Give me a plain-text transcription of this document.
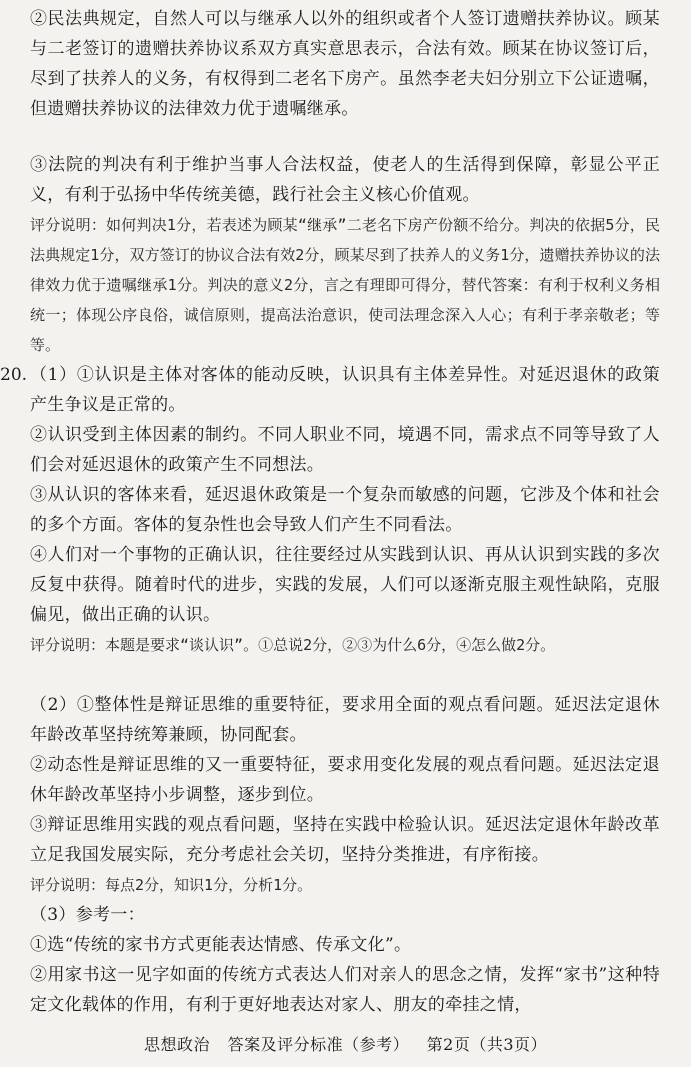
②民法典规定，自然人可以与继承人以外的组织或者个人签订遗赠扶养协议。顾某与二老签订的遗赠扶养协议系双方真实意思表示，合法有效。顾某在协议签订后，尽到了扶养人的义务，有权得到二老名下房产。虽然李老夫妇分别立下公证遗嘱，但遗赠扶养协议的法律效力优于遗嘱继承。

③法院的判决有利于维护当事人合法权益，使老人的生活得到保障，彰显公平正义，有利于弘扬中华传统美德，践行社会主义核心价值观。

评分说明：如何判决1分，若表述为顾某“继承”二老名下房产份额不给分。判决的依据5分，民法典规定1分，双方签订的协议合法有效2分，顾某尽到了扶养人的义务1分，遗赠扶养协议的法律效力优于遗嘱继承1分。判决的意义2分，言之有理即可得分，替代答案：有利于权利义务相统一；体现公序良俗，诚信原则，提高法治意识，使司法理念深入人心；有利于孝亲敬老；等等。

20. （1）①认识是主体对客体的能动反映，认识具有主体差异性。对延迟退休的政策产生争议是正常的。

②认识受到主体因素的制约。不同人职业不同，境遇不同，需求点不同等导致了人们会对延迟退休的政策产生不同想法。

③从认识的客体来看，延迟退休政策是一个复杂而敏感的问题，它涉及个体和社会的多个方面。客体的复杂性也会导致人们产生不同看法。

④人们对一个事物的正确认识，往往要经过从实践到认识、再从认识到实践的多次反复中获得。随着时代的进步，实践的发展，人们可以逐渐克服主观性缺陷，克服偏见，做出正确的认识。

评分说明：本题是要求“谈认识”。①总说2分，②③为什么6分，④怎么做2分。

（2）①整体性是辩证思维的重要特征，要求用全面的观点看问题。延迟法定退休年龄改革坚持统筹兼顾，协同配套。

②动态性是辩证思维的又一重要特征，要求用变化发展的观点看问题。延迟法定退休年龄改革坚持小步调整，逐步到位。

③辩证思维用实践的观点看问题，坚持在实践中检验认识。延迟法定退休年龄改革立足我国发展实际，充分考虑社会关切，坚持分类推进，有序衔接。

评分说明：每点2分，知识1分，分析1分。

（3）参考一：

①选“传统的家书方式更能表达情感、传承文化”。

②用家书这一见字如面的传统方式表达人们对亲人的思念之情，发挥“家书”这种特定文化载体的作用，有利于更好地表达对家人、朋友的牵挂之情，

思想政治 答案及评分标准（参考） 第2页（共3页）
